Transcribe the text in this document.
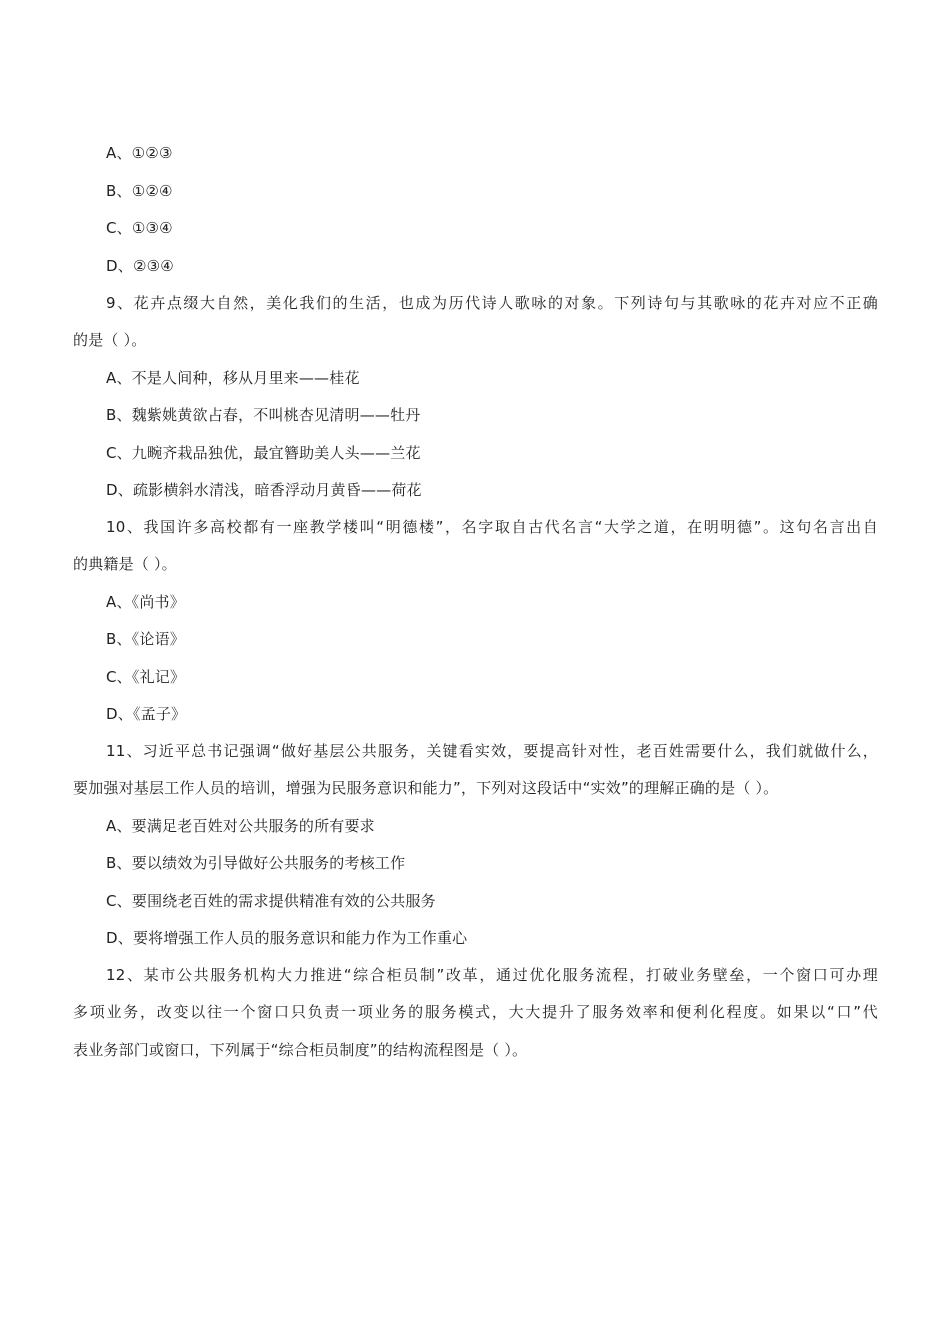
A、①②③
B、①②④
C、①③④
D、②③④
9、花卉点缀大自然，美化我们的生活，也成为历代诗人歌咏的对象。下列诗句与其歌咏的花卉对应不正确
的是（ ）。
A、不是人间种，移从月里来——桂花
B、魏紫姚黄欲占春，不叫桃杏见清明——牡丹
C、九畹齐栽品独优，最宜簪助美人头——兰花
D、疏影横斜水清浅，暗香浮动月黄昏——荷花
10、我国许多高校都有一座教学楼叫“明德楼”，名字取自古代名言“大学之道，在明明德”。这句名言出自
的典籍是（ ）。
A、《尚书》
B、《论语》
C、《礼记》
D、《孟子》
11、习近平总书记强调“做好基层公共服务，关键看实效，要提高针对性，老百姓需要什么，我们就做什么，
要加强对基层工作人员的培训，增强为民服务意识和能力”，下列对这段话中“实效”的理解正确的是（ ）。
A、要满足老百姓对公共服务的所有要求
B、要以绩效为引导做好公共服务的考核工作
C、要围绕老百姓的需求提供精准有效的公共服务
D、要将增强工作人员的服务意识和能力作为工作重心
12、某市公共服务机构大力推进“综合柜员制”改革，通过优化服务流程，打破业务壁垒，一个窗口可办理
多项业务，改变以往一个窗口只负责一项业务的服务模式，大大提升了服务效率和便利化程度。如果以“口”代
表业务部门或窗口，下列属于“综合柜员制度”的结构流程图是（ ）。
